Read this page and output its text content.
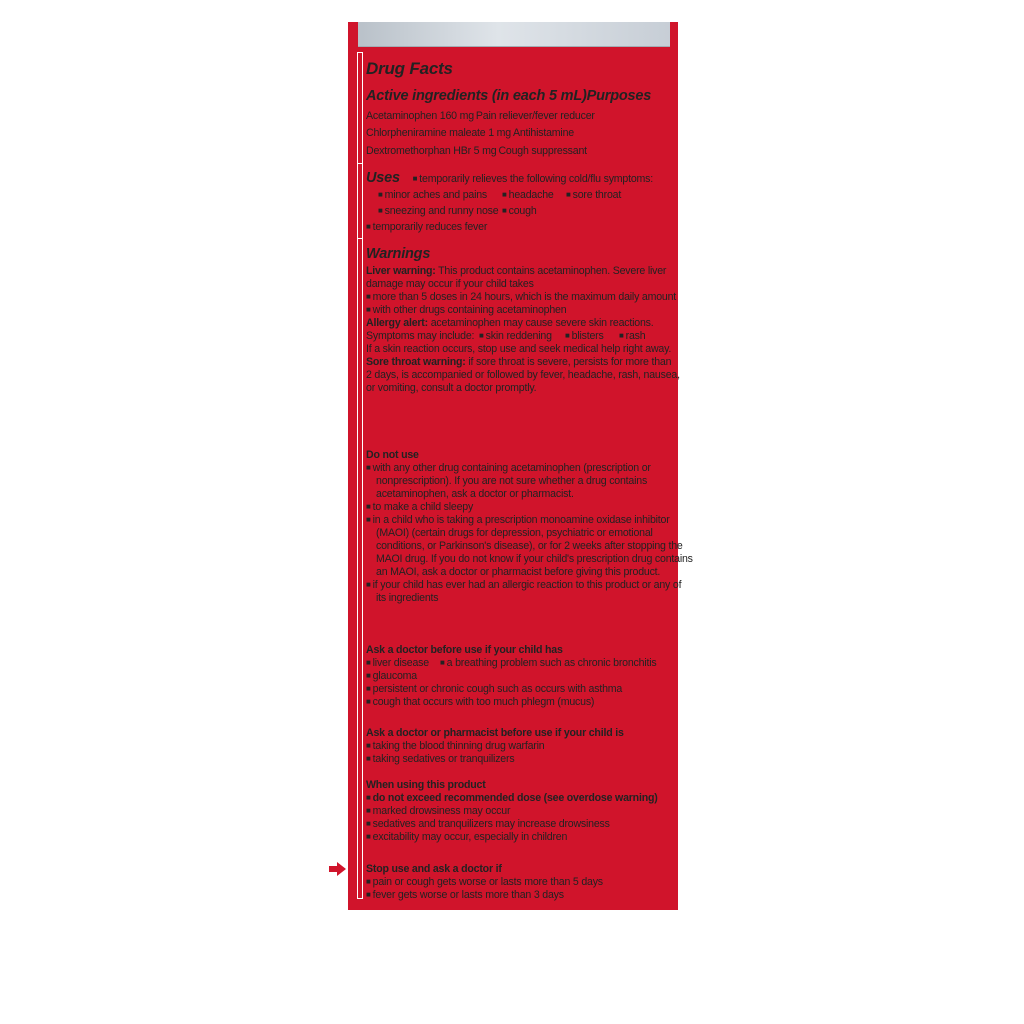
Drug Facts
Active ingredients (in each 5 mL) Purposes
Acetaminophen 160 mg Pain reliever/fever reducer
Chlorpheniramine maleate 1 mg Antihistamine
Dextromethorphan HBr 5 mg Cough suppressant
Uses ■ temporarily relieves the following cold/flu symptoms:
■ minor aches and pains ■ headache ■ sore throat
■ sneezing and runny nose ■ cough
temporarily reduces fever
Warnings
Liver warning: This product contains acetaminophen. Severe liver
damage may occur if your child takes
more than 5 doses in 24 hours, which is the maximum daily amount
with other drugs containing acetaminophen
Allergy alert: acetaminophen may cause severe skin reactions.
Symptoms may include: ■ skin reddening ■ blisters ■ rash
If a skin reaction occurs, stop use and seek medical help right away.
Sore throat warning: if sore throat is severe, persists for more than
2 days, is accompanied or followed by fever, headache, rash, nausea,
or vomiting, consult a doctor promptly.
Do not use
with any other drug containing acetaminophen (prescription or
nonprescription). If you are not sure whether a drug contains
acetaminophen, ask a doctor or pharmacist.
to make a child sleepy
in a child who is taking a prescription monoamine oxidase inhibitor
(MAOI) (certain drugs for depression, psychiatric or emotional
conditions, or Parkinson's disease), or for 2 weeks after stopping the
MAOI drug. If you do not know if your child's prescription drug contains
an MAOI, ask a doctor or pharmacist before giving this product.
if your child has ever had an allergic reaction to this product or any of
its ingredients
Ask a doctor before use if your child has
■ liver disease ■ a breathing problem such as chronic bronchitis
glaucoma
persistent or chronic cough such as occurs with asthma
cough that occurs with too much phlegm (mucus)
Ask a doctor or pharmacist before use if your child is
taking the blood thinning drug warfarin
taking sedatives or tranquilizers
When using this product
do not exceed recommended dose (see overdose warning)
marked drowsiness may occur
sedatives and tranquilizers may increase drowsiness
excitability may occur, especially in children
Stop use and ask a doctor if
pain or cough gets worse or lasts more than 5 days
fever gets worse or lasts more than 3 days
